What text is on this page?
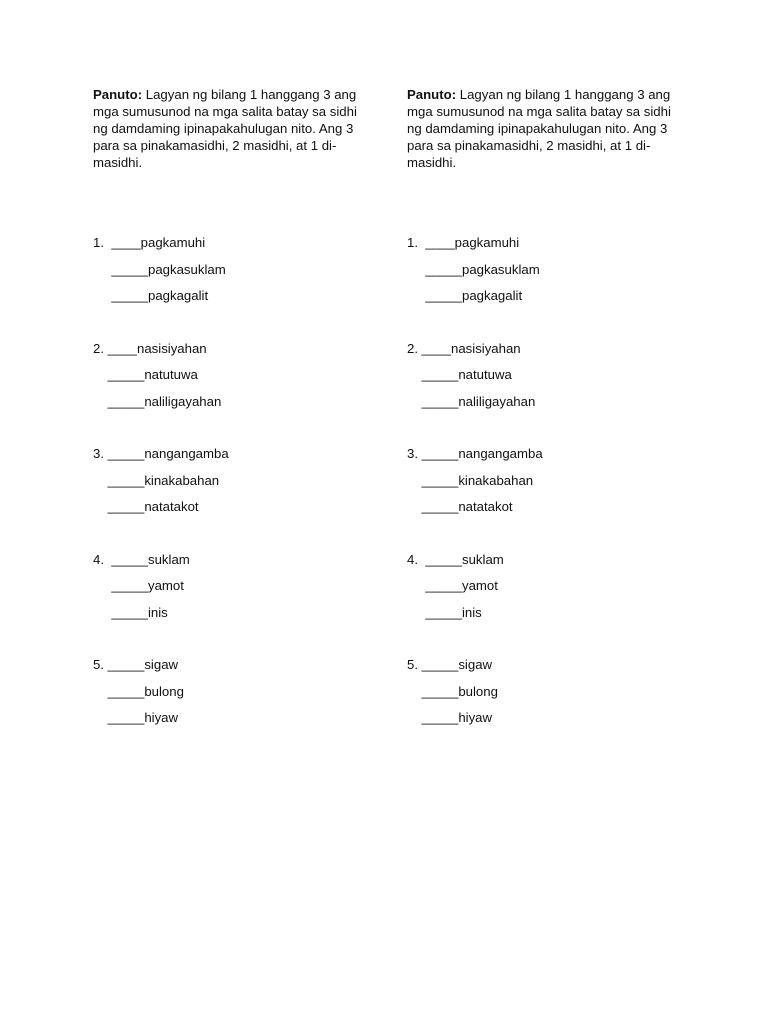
Panuto: Lagyan ng bilang 1 hanggang 3 ang mga sumusunod na mga salita batay sa sidhi ng damdaming ipinapakahulugan nito. Ang 3 para sa pinakamasidhi, 2 masidhi, at 1 di-masidhi.

1.  ____pagkamuhi
_____pagkasuklam
_____pagkagalit
2. ____nasisiyahan
_____natutuwa
_____naliligayahan
3. _____nangangamba
_____kinakabahan
_____natatakot
4.  _____suklam
_____yamot
_____inis
5. _____sigaw
_____bulong
_____hiyaw

Panuto: Lagyan ng bilang 1 hanggang 3 ang mga sumusunod na mga salita batay sa sidhi ng damdaming ipinapakahulugan nito. Ang 3 para sa pinakamasidhi, 2 masidhi, at 1 di-masidhi.

1.  ____pagkamuhi
_____pagkasuklam
_____pagkagalit
2. ____nasisiyahan
_____natutuwa
_____naliligayahan
3. _____nangangamba
_____kinakabahan
_____natatakot
4.  _____suklam
_____yamot
_____inis
5. _____sigaw
_____bulong
_____hiyaw
